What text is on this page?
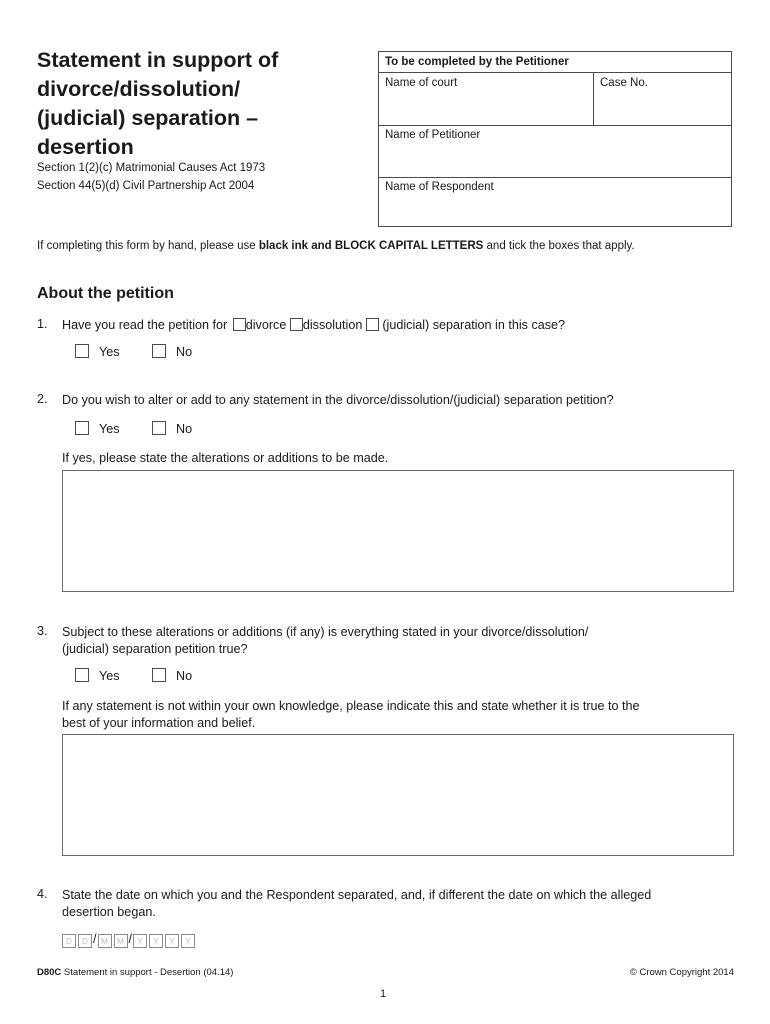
Statement in support of
divorce/dissolution/
(judicial) separation –
desertion
Section 1(2)(c) Matrimonial Causes Act 1973
Section 44(5)(d) Civil Partnership Act 2004
To be completed by the Petitioner
Name of court	Case No.
Name of Petitioner
Name of Respondent
If completing this form by hand, please use black ink and BLOCK CAPITAL LETTERS and tick the boxes that apply.
About the petition
1. Have you read the petition for divorce dissolution (judicial) separation in this case?
Yes	No
2. Do you wish to alter or add to any statement in the divorce/dissolution/(judicial) separation petition?
Yes	No
If yes, please state the alterations or additions to be made.
3. Subject to these alterations or additions (if any) is everything stated in your divorce/dissolution/
(judicial) separation petition true?
Yes	No
If any statement is not within your own knowledge, please indicate this and state whether it is true to the
best of your information and belief.
4. State the date on which you and the Respondent separated, and, if different the date on which the alleged
desertion began.
D D / M M / Y Y Y Y
D80C Statement in support - Desertion (04.14)	© Crown Copyright 2014
1
